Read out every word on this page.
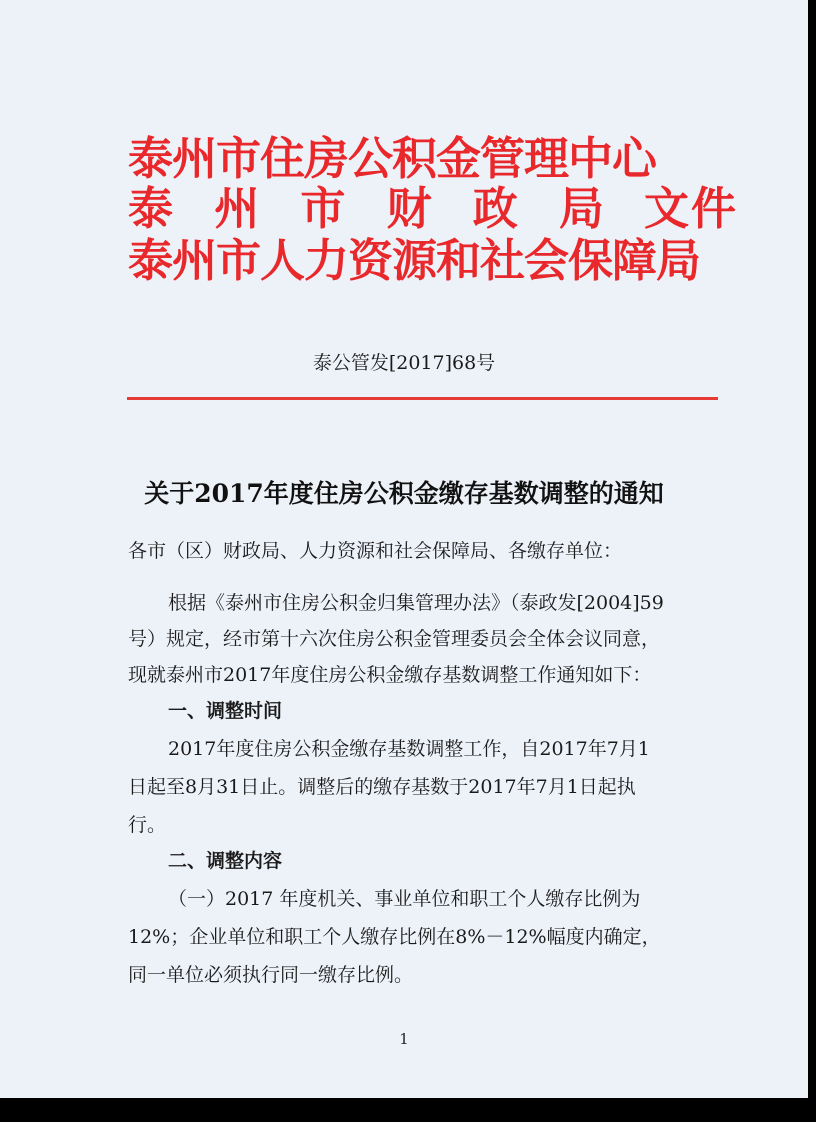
泰州市住房公积金管理中心
泰 州 市 财 政 局 文件
泰州市人力资源和社会保障局
泰公管发[2017]68号
关于2017年度住房公积金缴存基数调整的通知
各市（区）财政局、人力资源和社会保障局、各缴存单位：
根据《泰州市住房公积金归集管理办法》（泰政发[2004]59
号）规定，经市第十六次住房公积金管理委员会全体会议同意，
现就泰州市2017年度住房公积金缴存基数调整工作通知如下：
一、调整时间
2017年度住房公积金缴存基数调整工作，自2017年7月1
日起至8月31日止。调整后的缴存基数于2017年7月1日起执
行。
二、调整内容
（一）2017 年度机关、事业单位和职工个人缴存比例为
12%；企业单位和职工个人缴存比例在8%－12%幅度内确定，
同一单位必须执行同一缴存比例。
1
